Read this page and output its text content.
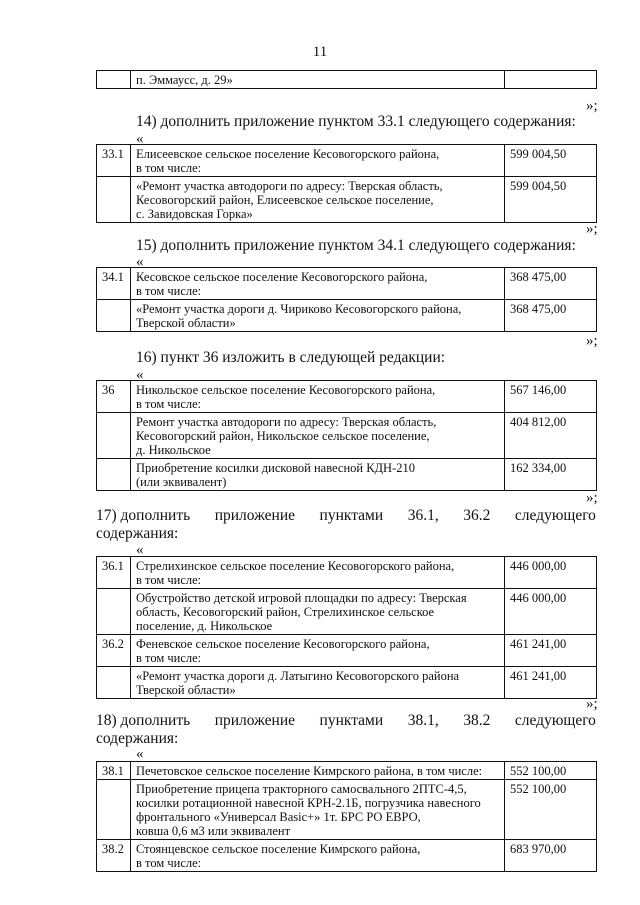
11

п. Эммаусс, д. 29»

»;
14) дополнить приложение пунктом 33.1 следующего содержания:
«
33.1	Елисеевское сельское поселение Кесовогорского района,
в том числе:	599 004,50

	«Ремонт участка автодороги по адресу: Тверская область,
Кесовогорский район, Елисеевское сельское поселение,
с. Завидовская Горка»	599 004,50
»;
15) дополнить приложение пунктом 34.1 следующего содержания:
«
34.1	Кесовское сельское поселение Кесовогорского района,
в том числе:	368 475,00

	«Ремонт участка дороги д. Чириково Кесовогорского района,
Тверской области»	368 475,00
»;
16) пункт 36 изложить в следующей редакции:
«
36	Никольское сельское поселение Кесовогорского района,
в том числе:	567 146,00

	Ремонт участка автодороги по адресу: Тверская область,
Кесовогорский район, Никольское сельское поселение,
д. Никольское	404 812,00

	Приобретение косилки дисковой навесной КДН-210
(или эквивалент)	162 334,00
»;
17) дополнить приложение пунктами 36.1, 36.2 следующего
содержания:
«
36.1	Стрелихинское сельское поселение Кесовогорского района,
в том числе:	446 000,00

	Обустройство детской игровой площадки по адресу: Тверская
область, Кесовогорский район, Стрелихинское сельское
поселение, д. Никольское	446 000,00
36.2	Феневское сельское поселение Кесовогорского района,
в том числе:	461 241,00

	«Ремонт участка дороги д. Латыгино Кесовогорского района
Тверской области»	461 241,00
»;
18) дополнить приложение пунктами 38.1, 38.2 следующего
содержания:
«
38.1	Печетовское сельское поселение Кимрского района, в том числе:	552 100,00

	Приобретение прицепа тракторного самосвального 2ПТС-4,5,
косилки ротационной навесной КРН-2.1Б, погрузчика навесного
фронтального «Универсал Basic+» 1т. БРС РО ЕВРО,
ковша 0,6 м3 или эквивалент	552 100,00
38.2	Стоянцевское сельское поселение Кимрского района,
в том числе:	683 970,00
